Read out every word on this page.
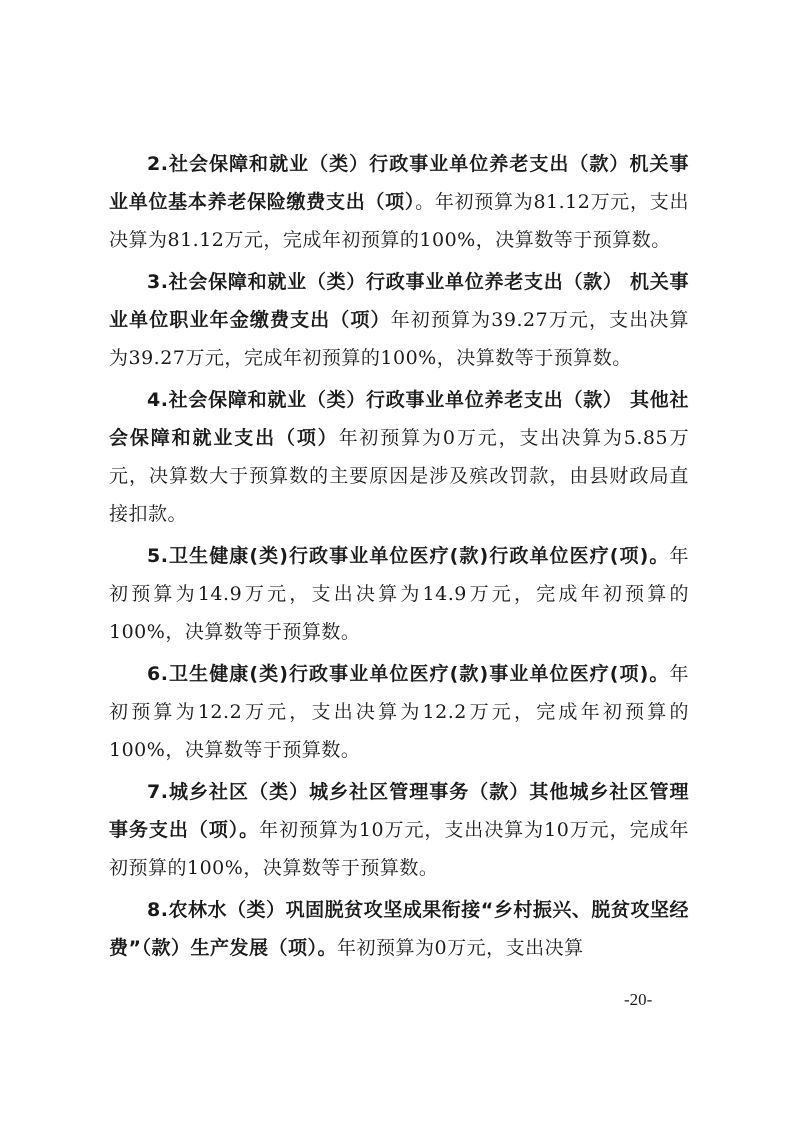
2.社会保障和就业（类）行政事业单位养老支出（款）机关事业单位基本养老保险缴费支出（项）。年初预算为81.12万元，支出决算为81.12万元，完成年初预算的100%，决算数等于预算数。

3.社会保障和就业（类）行政事业单位养老支出（款） 机关事业单位职业年金缴费支出（项）年初预算为39.27万元，支出决算为39.27万元，完成年初预算的100%，决算数等于预算数。

4.社会保障和就业（类）行政事业单位养老支出（款） 其他社会保障和就业支出（项）年初预算为0万元，支出决算为5.85万元，决算数大于预算数的主要原因是涉及殡改罚款，由县财政局直接扣款。

5.卫生健康(类)行政事业单位医疗(款)行政单位医疗(项)。年初预算为14.9万元，支出决算为14.9万元，完成年初预算的100%，决算数等于预算数。

6.卫生健康(类)行政事业单位医疗(款)事业单位医疗(项)。年初预算为12.2万元，支出决算为12.2万元，完成年初预算的100%，决算数等于预算数。

7.城乡社区（类）城乡社区管理事务（款）其他城乡社区管理事务支出（项）。年初预算为10万元，支出决算为10万元，完成年初预算的100%，决算数等于预算数。

8.农林水（类）巩固脱贫攻坚成果衔接“乡村振兴、脱贫攻坚经费”（款）生产发展（项）。年初预算为0万元，支出决算

-20-
